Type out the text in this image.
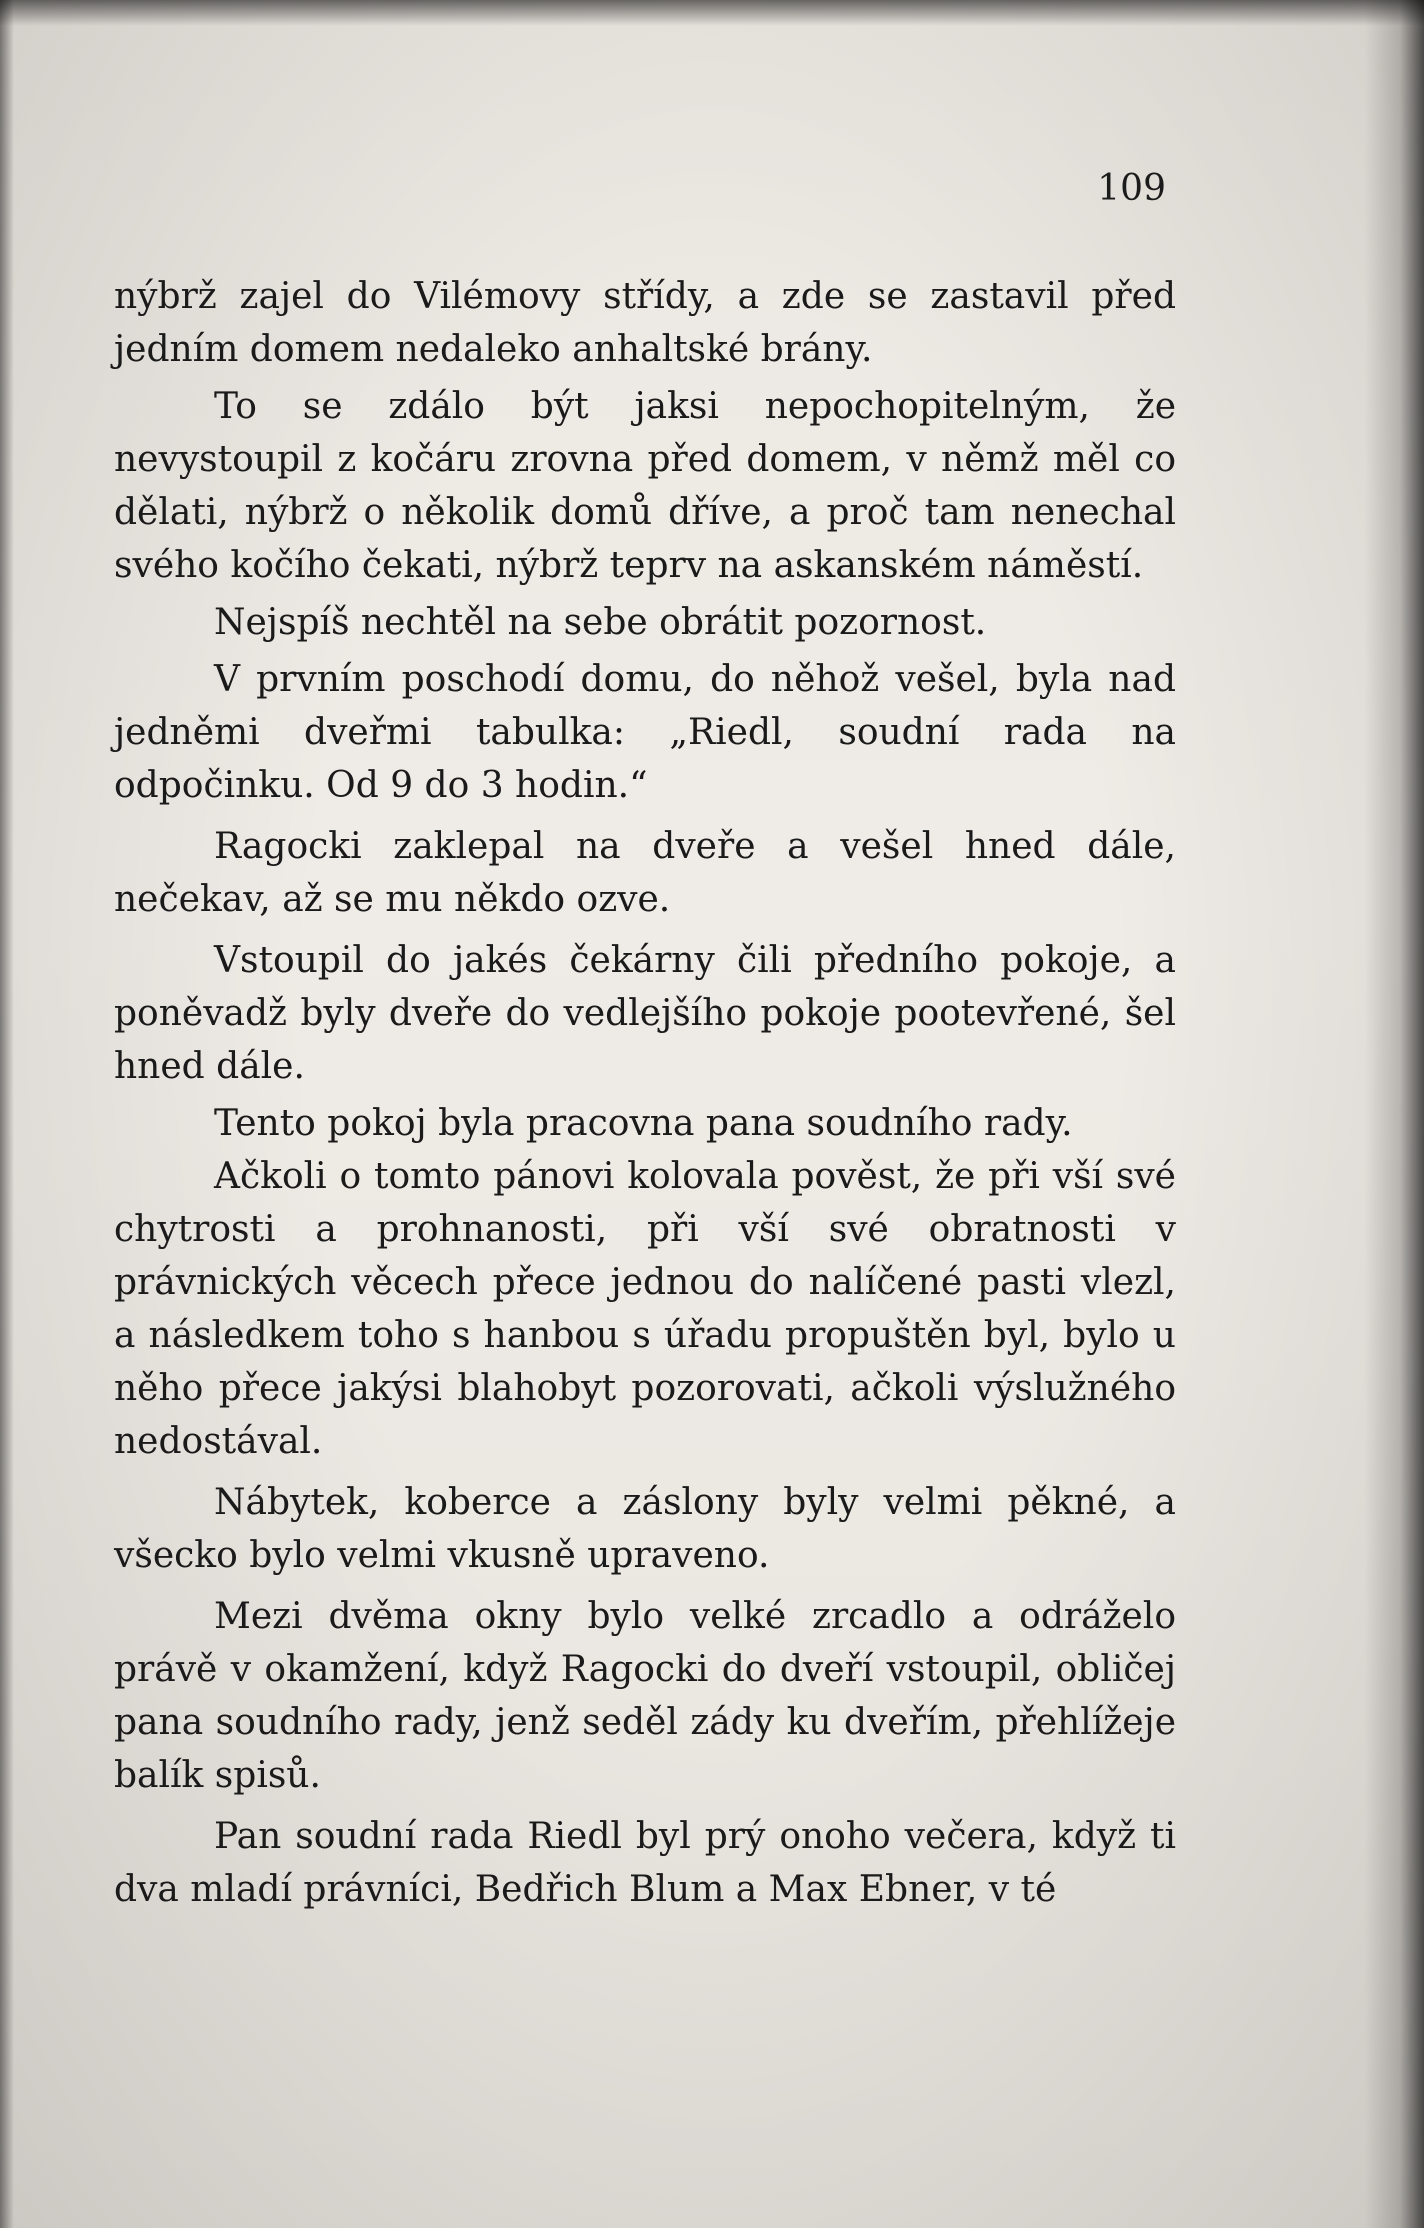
109

nýbrž zajel do Vilémovy střídy, a zde se zastavil před jedním domem nedaleko anhaltské brány.

To se zdálo být jaksi nepochopitelným, že nevystoupil z kočáru zrovna před domem, v němž měl co dělati, nýbrž o několik domů dříve, a proč tam nenechal svého kočího čekati, nýbrž teprv na askanském náměstí.

Nejspíš nechtěl na sebe obrátit pozornost.

V prvním poschodí domu, do něhož vešel, byla nad jedněmi dveřmi tabulka: „Riedl, soudní rada na odpočinku. Od 9 do 3 hodin.“

Ragocki zaklepal na dveře a vešel hned dále, nečekav, až se mu někdo ozve.

Vstoupil do jakés čekárny čili předního pokoje, a poněvadž byly dveře do vedlejšího pokoje pootevřené, šel hned dále.

Tento pokoj byla pracovna pana soudního rady.

Ačkoli o tomto pánovi kolovala pověst, že při vší své chytrosti a prohnanosti, při vší své obratnosti v právnických věcech přece jednou do nalíčené pasti vlezl, a následkem toho s hanbou s úřadu propuštěn byl, bylo u něho přece jakýsi blahobyt pozorovati, ačkoli výslužného nedostával.

Nábytek, koberce a záslony byly velmi pěkné, a všecko bylo velmi vkusně upraveno.

Mezi dvěma okny bylo velké zrcadlo a odráželo právě v okamžení, když Ragocki do dveří vstoupil, obličej pana soudního rady, jenž seděl zády ku dveřím, přehlížeje balík spisů.

Pan soudní rada Riedl byl prý onoho večera, když ti dva mladí právníci, Bedřich Blum a Max Ebner, v té
